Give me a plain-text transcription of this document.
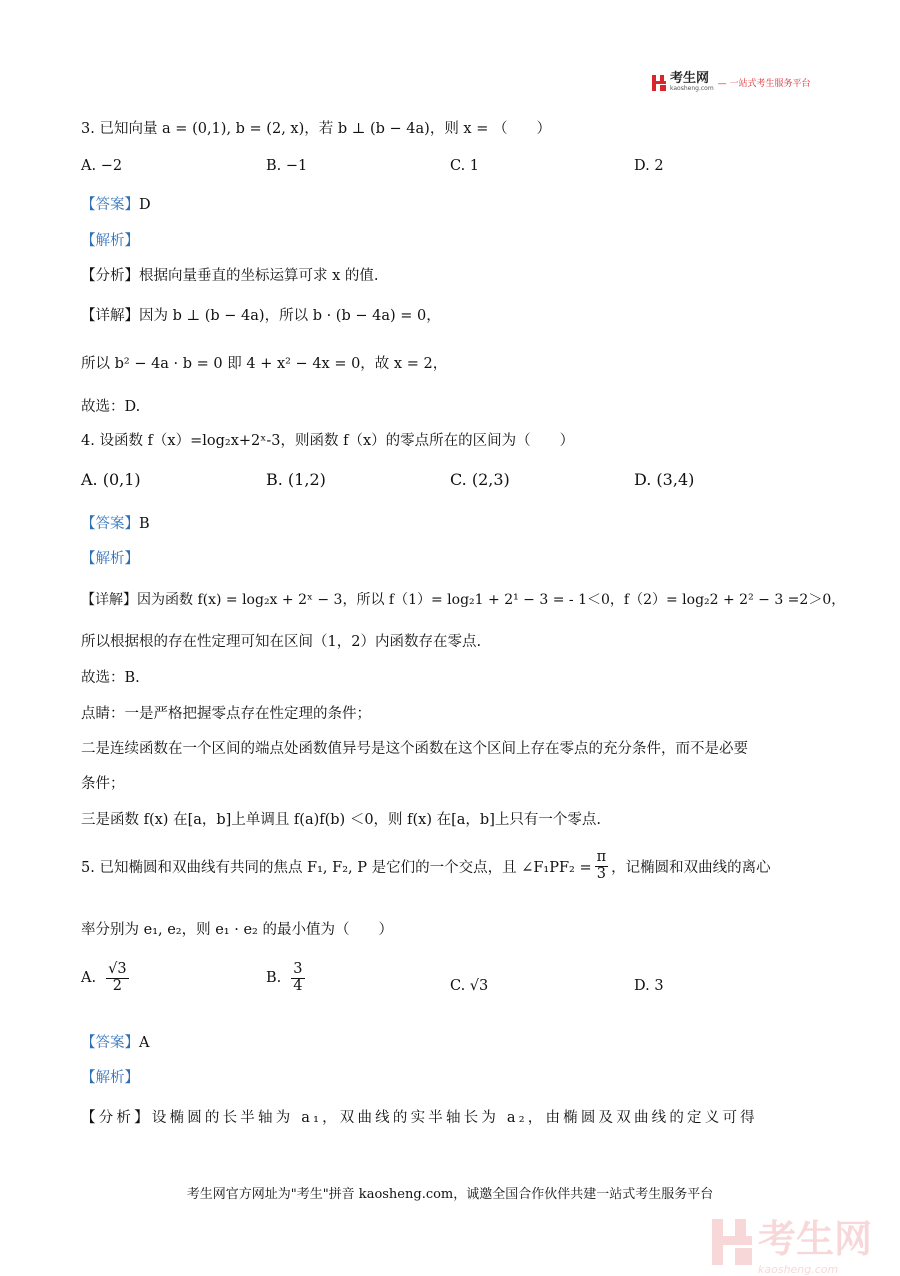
考生网
kaosheng.com — 一站式考生服务平台
3. 已知向量 a = (0,1), b = (2, x)，若 b ⊥ (b − 4a)，则 x = （　　）
A. −2	B. −1	C. 1	D. 2
【答案】D
【解析】
【分析】根据向量垂直的坐标运算可求 x 的值.
【详解】因为 b ⊥ (b − 4a)，所以 b · (b − 4a) = 0，
所以 b² − 4a · b = 0 即 4 + x² − 4x = 0，故 x = 2，
故选：D.
4. 设函数 f（x）=log₂x+2ˣ-3，则函数 f（x）的零点所在的区间为（　　）
A. (0,1)	B. (1,2)	C. (2,3)	D. (3,4)
【答案】B
【解析】
【详解】因为函数 f(x) = log₂x + 2ˣ − 3，所以 f（1）= log₂1 + 2¹ − 3 = - 1＜0，f（2）= log₂2 + 2² − 3 =2＞0，
所以根据根的存在性定理可知在区间（1，2）内函数存在零点.
故选：B.
点睛：一是严格把握零点存在性定理的条件；
二是连续函数在一个区间的端点处函数值异号是这个函数在这个区间上存在零点的充分条件，而不是必要
条件；
三是函数 f(x) 在[a，b]上单调且 f(a)f(b) ＜0，则 f(x) 在[a，b]上只有一个零点.
5. 已知椭圆和双曲线有共同的焦点 F₁, F₂, P 是它们的一个交点，且 ∠F₁PF₂ = $\frac{\pi}{3}$ ，记椭圆和双曲线的离心
率分别为 e₁, e₂，则 e₁ · e₂ 的最小值为（　　）
A. $\frac{√3}{2}$	B. $\frac{3}{4}$	C. √3	D. 3
【答案】A
【解析】
【分析】设椭圆的长半轴为 a₁，双曲线的实半轴长为 a₂，由椭圆及双曲线的定义可得
考生网官方网址为"考生"拼音 kaosheng.com，诚邀全国合作伙伴共建一站式考生服务平台
考生网
kaosheng.com
